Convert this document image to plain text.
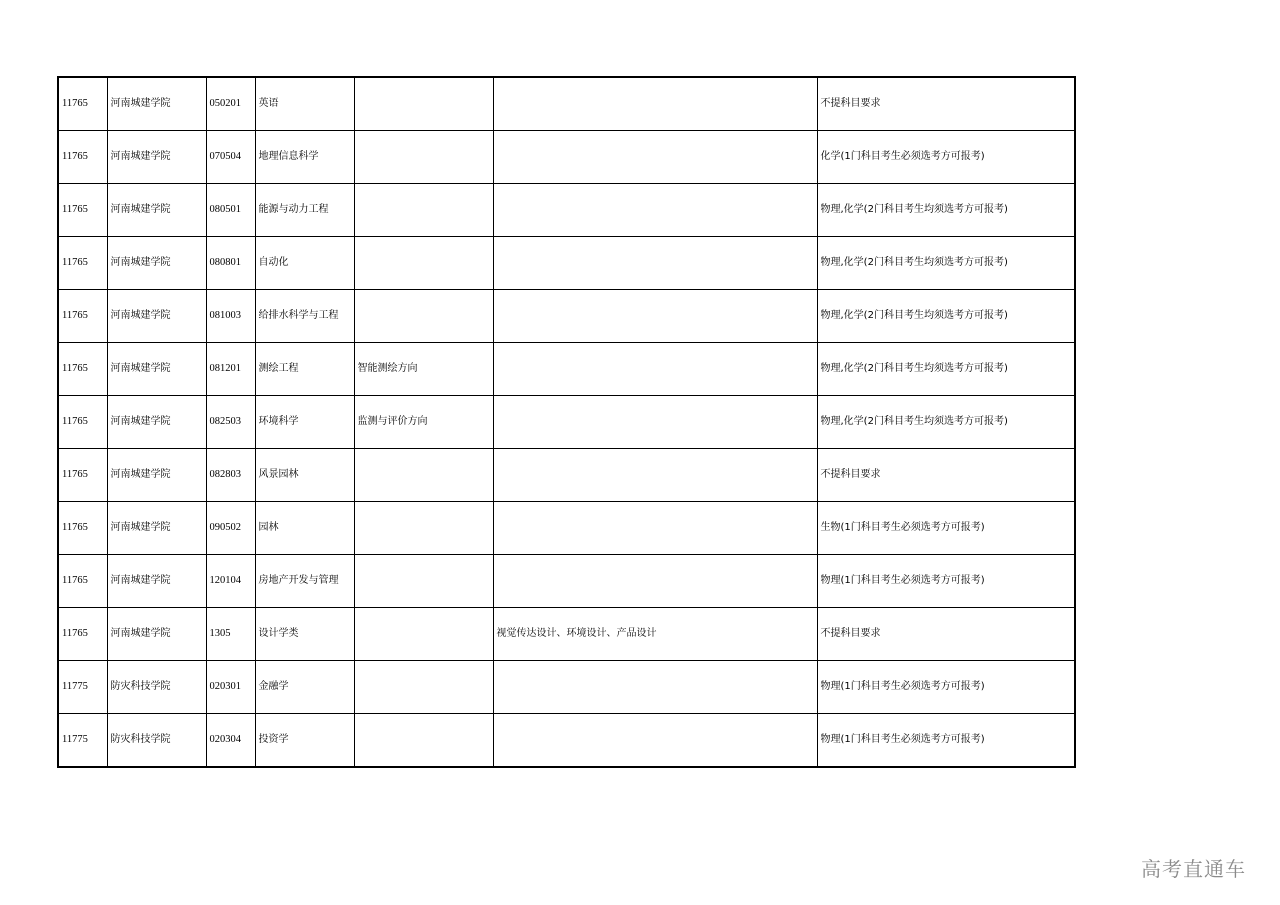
11765	河南城建学院	050201	英语			不提科目要求
11765	河南城建学院	070504	地理信息科学			化学(1门科目考生必须选考方可报考)
11765	河南城建学院	080501	能源与动力工程			物理,化学(2门科目考生均须选考方可报考)
11765	河南城建学院	080801	自动化			物理,化学(2门科目考生均须选考方可报考)
11765	河南城建学院	081003	给排水科学与工程			物理,化学(2门科目考生均须选考方可报考)
11765	河南城建学院	081201	测绘工程	智能测绘方向		物理,化学(2门科目考生均须选考方可报考)
11765	河南城建学院	082503	环境科学	监测与评价方向		物理,化学(2门科目考生均须选考方可报考)
11765	河南城建学院	082803	风景园林			不提科目要求
11765	河南城建学院	090502	园林			生物(1门科目考生必须选考方可报考)
11765	河南城建学院	120104	房地产开发与管理			物理(1门科目考生必须选考方可报考)
11765	河南城建学院	1305	设计学类		视觉传达设计、环境设计、产品设计	不提科目要求
11775	防灾科技学院	020301	金融学			物理(1门科目考生必须选考方可报考)
11775	防灾科技学院	020304	投资学			物理(1门科目考生必须选考方可报考)
高考直通车
